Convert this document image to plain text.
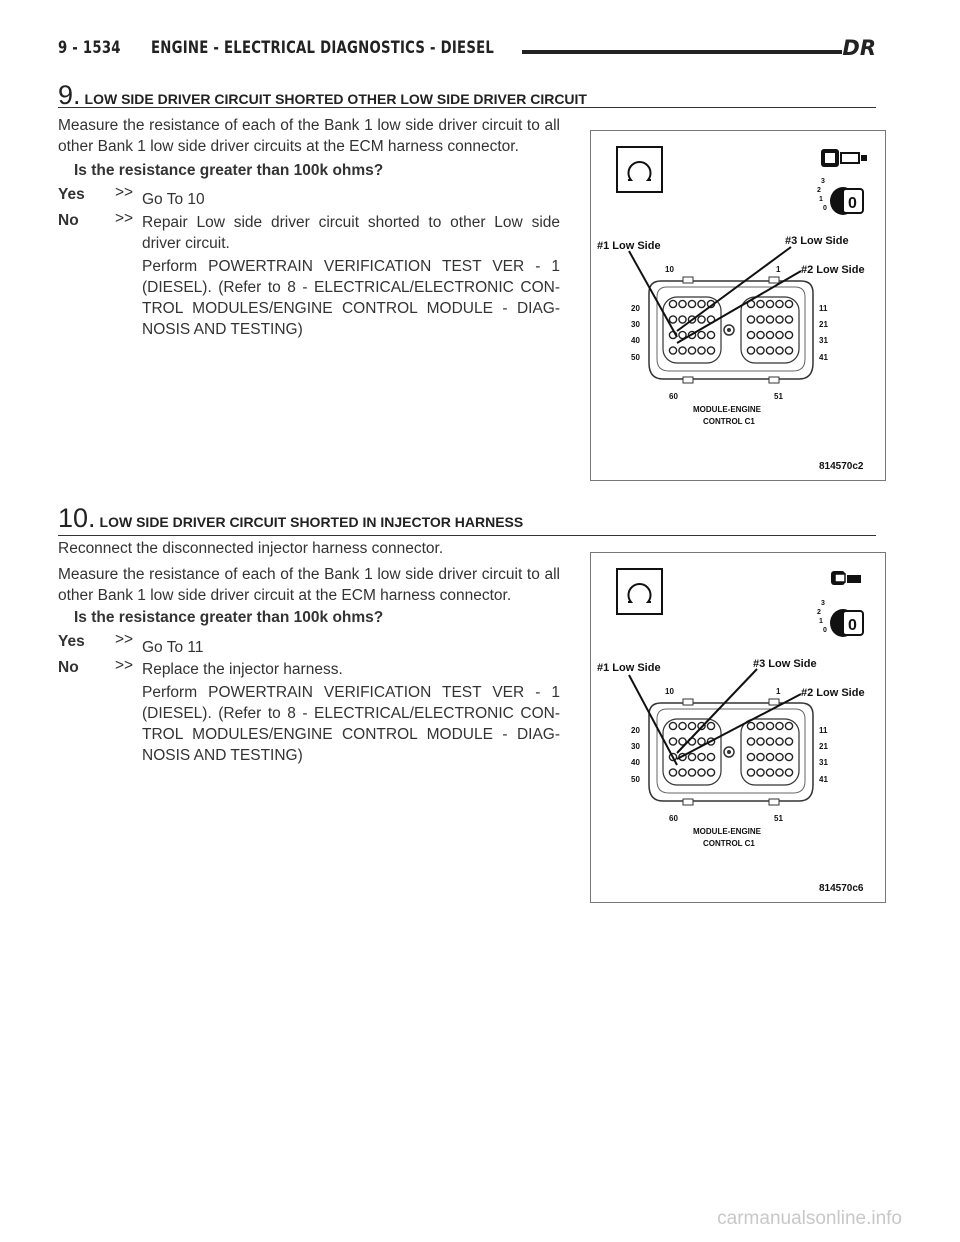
9 - 1534 ENGINE - ELECTRICAL DIAGNOSTICS - DIESEL	DR
9. LOW SIDE DRIVER CIRCUIT SHORTED OTHER LOW SIDE DRIVER CIRCUIT
Measure the resistance of each of the Bank 1 low side driver circuit to all other Bank 1 low side driver circuits at the ECM harness connector.
Is the resistance greater than 100k ohms?
Yes >> Go To 10
No >> Repair Low side driver circuit shorted to other Low side driver circuit.
Perform POWERTRAIN VERIFICATION TEST VER - 1 (DIESEL). (Refer to 8 - ELECTRICAL/ELECTRONIC CON-TROL MODULES/ENGINE CONTROL MODULE - DIAG-NOSIS AND TESTING)
3
2
1
0 0
#1 Low Side	#3 Low Side
#2 Low Side
10	1
20
30
40
50
11
21
31
41
60	51
MODULE-ENGINE
CONTROL C1
814570c2
10. LOW SIDE DRIVER CIRCUIT SHORTED IN INJECTOR HARNESS
Reconnect the disconnected injector harness connector.
Measure the resistance of each of the Bank 1 low side driver circuit to all other Bank 1 low side driver circuit at the ECM harness connector.
Is the resistance greater than 100k ohms?
Yes >> Go To 11
No >> Replace the injector harness.
Perform POWERTRAIN VERIFICATION TEST VER - 1 (DIESEL). (Refer to 8 - ELECTRICAL/ELECTRONIC CON-TROL MODULES/ENGINE CONTROL MODULE - DIAG-NOSIS AND TESTING)
3
2
1
0 0
#1 Low Side	#3 Low Side
#2 Low Side
10	1
20
30
40
50
11
21
31
41
60	51
MODULE-ENGINE
CONTROL C1
814570c6
carmanualsonline.info
